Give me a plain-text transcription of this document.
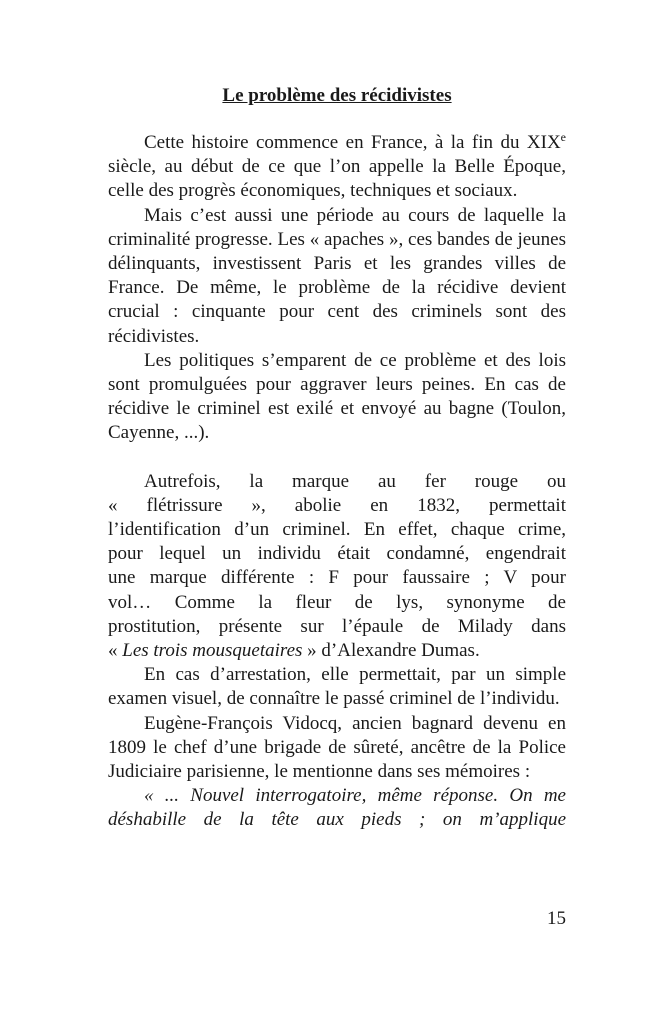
Le problème des récidivistes

Cette histoire commence en France, à la fin du XIXe siècle, au début de ce que l’on appelle la Belle Époque, celle des progrès économiques, techniques et sociaux.

Mais c’est aussi une période au cours de laquelle la criminalité progresse. Les « apaches », ces bandes de jeunes délinquants, investissent Paris et les grandes villes de France. De même, le problème de la récidive devient crucial : cinquante pour cent des criminels sont des récidivistes.

Les politiques s’emparent de ce problème et des lois sont promulguées pour aggraver leurs peines. En cas de récidive le criminel est exilé et envoyé au bagne (Toulon, Cayenne, ...).

Autrefois, la marque au fer rouge ou
« flétrissure », abolie en 1832, permettait
l’identification d’un criminel. En effet, chaque crime,
pour lequel un individu était condamné, engendrait
une marque différente : F pour faussaire ; V pour
vol… Comme la fleur de lys, synonyme de
prostitution, présente sur l’épaule de Milady dans
« Les trois mousquetaires » d’Alexandre Dumas.

En cas d’arrestation, elle permettait, par un simple examen visuel, de connaître le passé criminel de l’individu.

Eugène-François Vidocq, ancien bagnard devenu en 1809 le chef d’une brigade de sûreté, ancêtre de la Police Judiciaire parisienne, le mentionne dans ses mémoires :

« ... Nouvel interrogatoire, même réponse. On me déshabille de la tête aux pieds ; on m’applique

15
